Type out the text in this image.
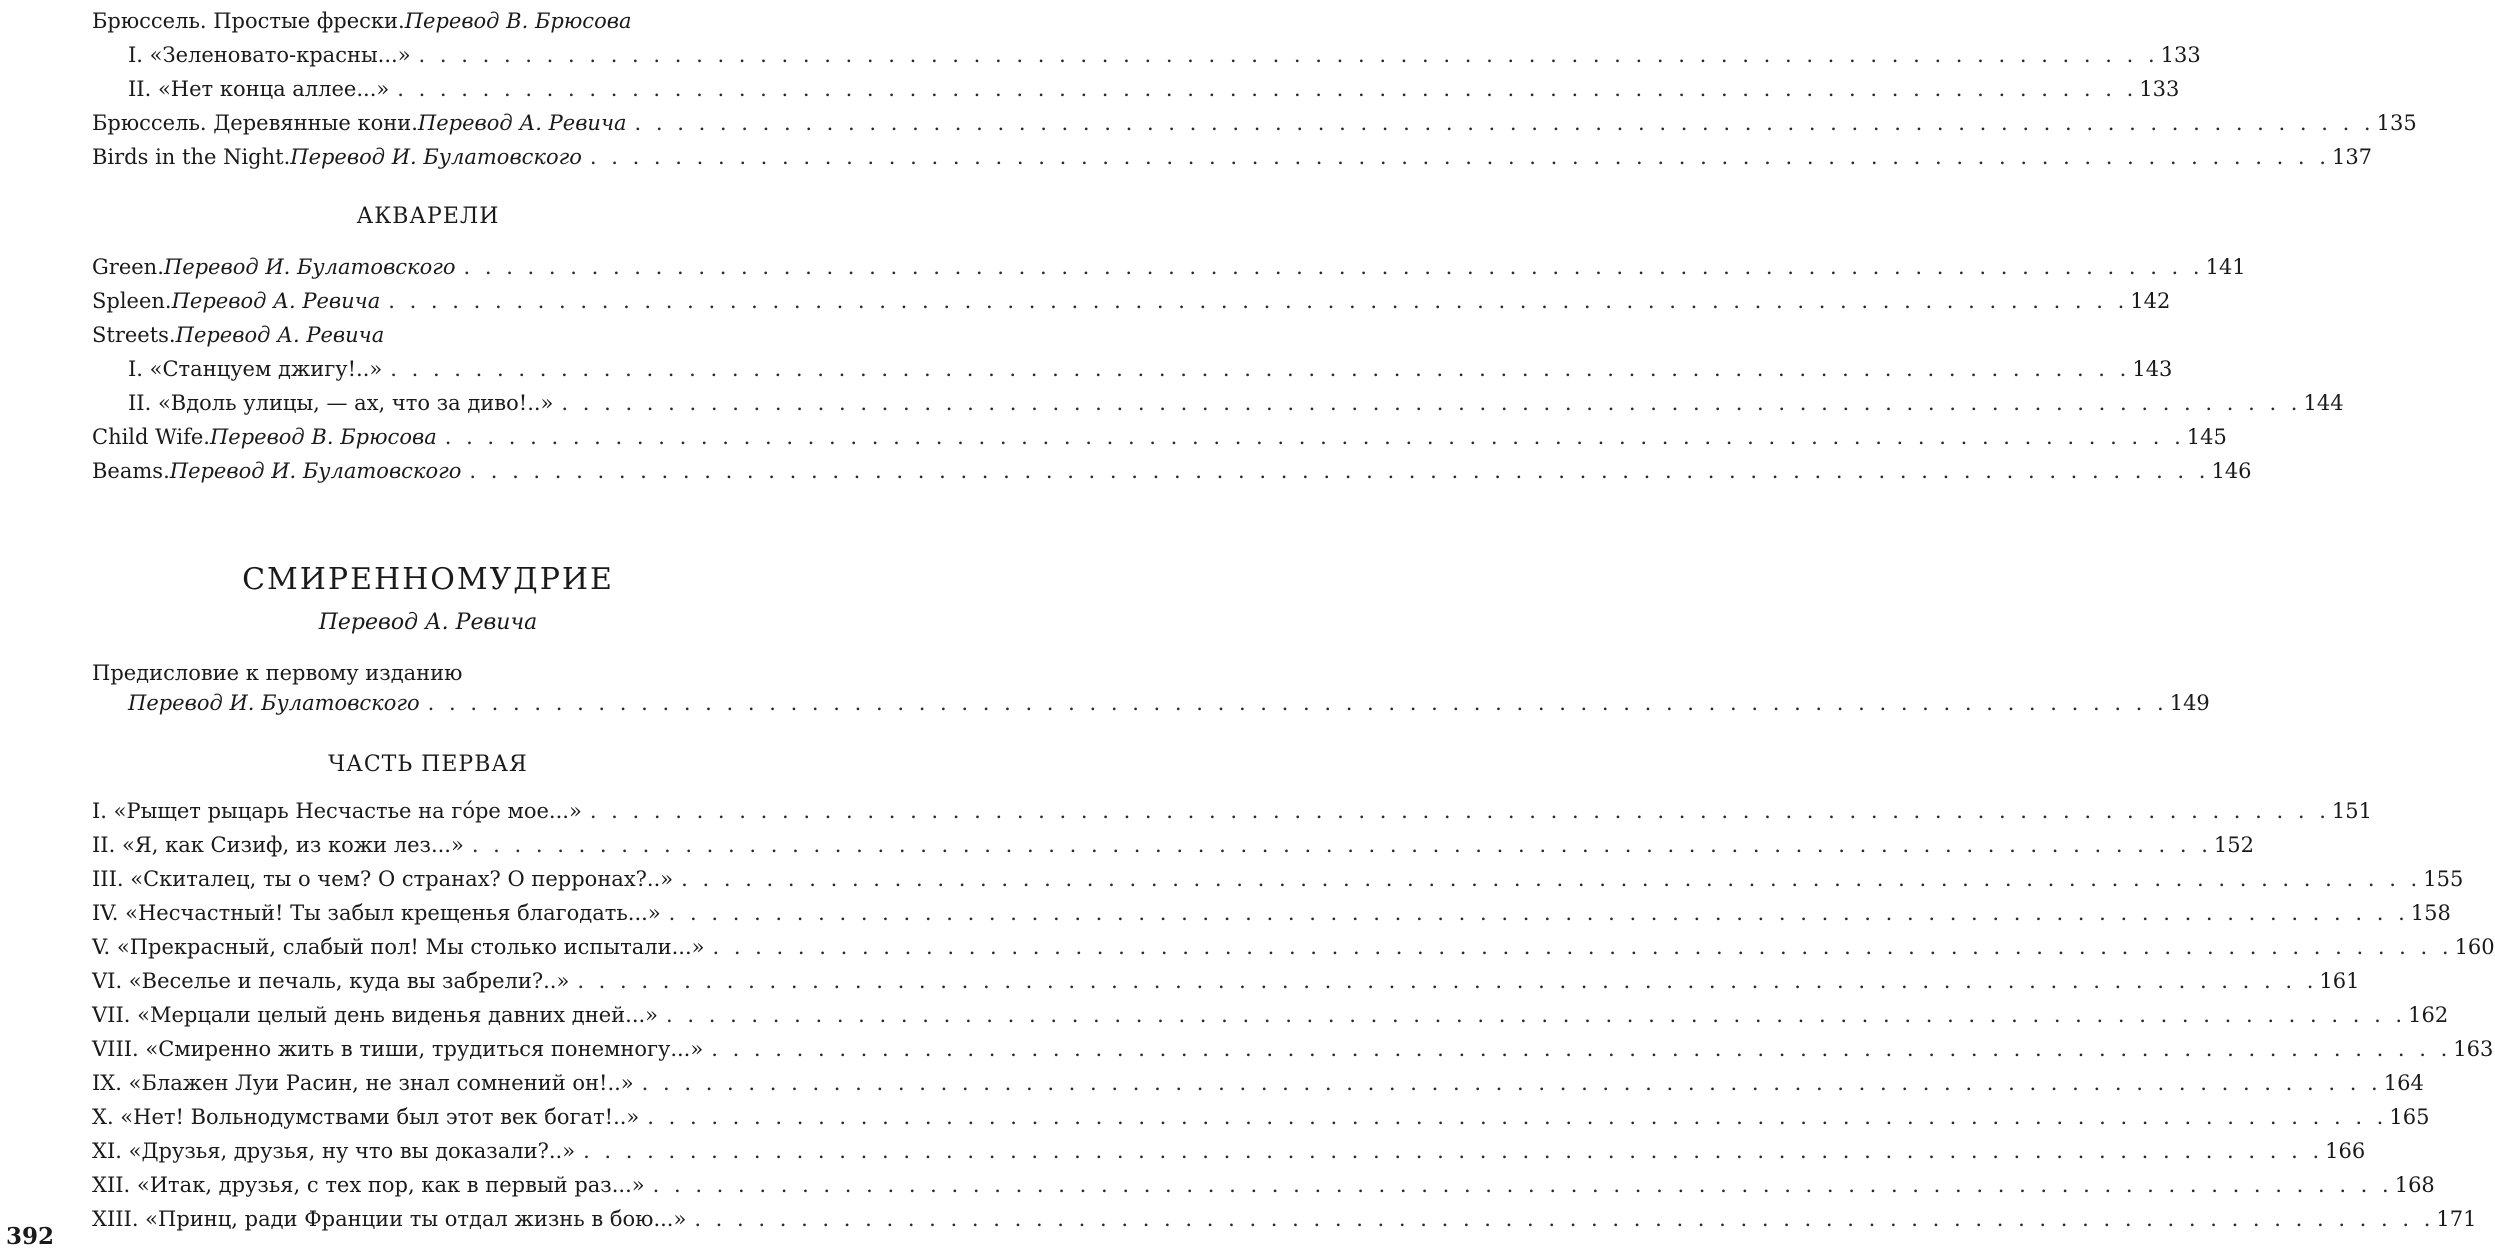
Брюссель. Простые фрески. Перевод В. Брюсова
I. «Зеленовато-красны...» . . . . . . . . . . . . . . . . . . . . . . . . . . . . . . . . . . . . . . . . . . . . . . . . . . . . . . . . . . . . . . . . . . . . . . . . . . . . . . . . . . 133
II. «Нет конца аллее...» . . . . . . . . . . . . . . . . . . . . . . . . . . . . . . . . . . . . . . . . . . . . . . . . . . . . . . . . . . . . . . . . . . . . . . . . . . . . . . . . . . 133
Брюссель. Деревянные кони. Перевод А. Ревича . . . . . . . . . . . . . . . . . . . . . . . . . . . . . . . . . . . . . . . . . . . . . . . . . . . . . . . . . . . . . . . . . . . . . . . . . . . . . . . . . . 135
Birds in the Night. Перевод И. Булатовского . . . . . . . . . . . . . . . . . . . . . . . . . . . . . . . . . . . . . . . . . . . . . . . . . . . . . . . . . . . . . . . . . . . . . . . . . . . . . . . . . . 137
АКВАРЕЛИ
Green. Перевод И. Булатовского . . . . . . . . . . . . . . . . . . . . . . . . . . . . . . . . . . . . . . . . . . . . . . . . . . . . . . . . . . . . . . . . . . . . . . . . . . . . . . . . . . 141
Spleen. Перевод А. Ревича . . . . . . . . . . . . . . . . . . . . . . . . . . . . . . . . . . . . . . . . . . . . . . . . . . . . . . . . . . . . . . . . . . . . . . . . . . . . . . . . . . 142
Streets. Перевод А. Ревича
I. «Станцуем джигу!..» . . . . . . . . . . . . . . . . . . . . . . . . . . . . . . . . . . . . . . . . . . . . . . . . . . . . . . . . . . . . . . . . . . . . . . . . . . . . . . . . . . 143
II. «Вдоль улицы, — ах, что за диво!..» . . . . . . . . . . . . . . . . . . . . . . . . . . . . . . . . . . . . . . . . . . . . . . . . . . . . . . . . . . . . . . . . . . . . . . . . . . . . . . . . . . 144
Child Wife. Перевод В. Брюсова . . . . . . . . . . . . . . . . . . . . . . . . . . . . . . . . . . . . . . . . . . . . . . . . . . . . . . . . . . . . . . . . . . . . . . . . . . . . . . . . . . 145
Beams. Перевод И. Булатовского . . . . . . . . . . . . . . . . . . . . . . . . . . . . . . . . . . . . . . . . . . . . . . . . . . . . . . . . . . . . . . . . . . . . . . . . . . . . . . . . . . 146
СМИРЕННОМУДРИЕ
Перевод А. Ревича
Предисловие к первому изданию
Перевод И. Булатовского . . . . . . . . . . . . . . . . . . . . . . . . . . . . . . . . . . . . . . . . . . . . . . . . . . . . . . . . . . . . . . . . . . . . . . . . . . . . . . . . . . 149
ЧАСТЬ ПЕРВАЯ
I. «Рыщет рыцарь Несчастье на го́ре мое...» . . . . . . . . . . . . . . . . . . . . . . . . . . . . . . . . . . . . . . . . . . . . . . . . . . . . . . . . . . . . . . . . . . . . . . . . . . . . . . . . . . 151
II. «Я, как Сизиф, из кожи лез...» . . . . . . . . . . . . . . . . . . . . . . . . . . . . . . . . . . . . . . . . . . . . . . . . . . . . . . . . . . . . . . . . . . . . . . . . . . . . . . . . . . 152
III. «Скиталец, ты о чем? О странах? О перронах?..» . . . . . . . . . . . . . . . . . . . . . . . . . . . . . . . . . . . . . . . . . . . . . . . . . . . . . . . . . . . . . . . . . . . . . . . . . . . . . . . . . . 155
IV. «Несчастный! Ты забыл крещенья благодать...» . . . . . . . . . . . . . . . . . . . . . . . . . . . . . . . . . . . . . . . . . . . . . . . . . . . . . . . . . . . . . . . . . . . . . . . . . . . . . . . . . . 158
V. «Прекрасный, слабый пол! Мы столько испытали...» . . . . . . . . . . . . . . . . . . . . . . . . . . . . . . . . . . . . . . . . . . . . . . . . . . . . . . . . . . . . . . . . . . . . . . . . . . . . . . . . . . 160
VI. «Веселье и печаль, куда вы забрели?..» . . . . . . . . . . . . . . . . . . . . . . . . . . . . . . . . . . . . . . . . . . . . . . . . . . . . . . . . . . . . . . . . . . . . . . . . . . . . . . . . . . 161
VII. «Мерцали целый день виденья давних дней...» . . . . . . . . . . . . . . . . . . . . . . . . . . . . . . . . . . . . . . . . . . . . . . . . . . . . . . . . . . . . . . . . . . . . . . . . . . . . . . . . . . 162
VIII. «Смиренно жить в тиши, трудиться понемногу...» . . . . . . . . . . . . . . . . . . . . . . . . . . . . . . . . . . . . . . . . . . . . . . . . . . . . . . . . . . . . . . . . . . . . . . . . . . . . . . . . . . 163
IX. «Блажен Луи Расин, не знал сомнений он!..» . . . . . . . . . . . . . . . . . . . . . . . . . . . . . . . . . . . . . . . . . . . . . . . . . . . . . . . . . . . . . . . . . . . . . . . . . . . . . . . . . . 164
X. «Нет! Вольнодумствами был этот век богат!..» . . . . . . . . . . . . . . . . . . . . . . . . . . . . . . . . . . . . . . . . . . . . . . . . . . . . . . . . . . . . . . . . . . . . . . . . . . . . . . . . . . 165
XI. «Друзья, друзья, ну что вы доказали?..» . . . . . . . . . . . . . . . . . . . . . . . . . . . . . . . . . . . . . . . . . . . . . . . . . . . . . . . . . . . . . . . . . . . . . . . . . . . . . . . . . . 166
XII. «Итак, друзья, с тех пор, как в первый раз...» . . . . . . . . . . . . . . . . . . . . . . . . . . . . . . . . . . . . . . . . . . . . . . . . . . . . . . . . . . . . . . . . . . . . . . . . . . . . . . . . . . 168
XIII. «Принц, ради Франции ты отдал жизнь в бою...» . . . . . . . . . . . . . . . . . . . . . . . . . . . . . . . . . . . . . . . . . . . . . . . . . . . . . . . . . . . . . . . . . . . . . . . . . . . . . . . . . . 171
392
